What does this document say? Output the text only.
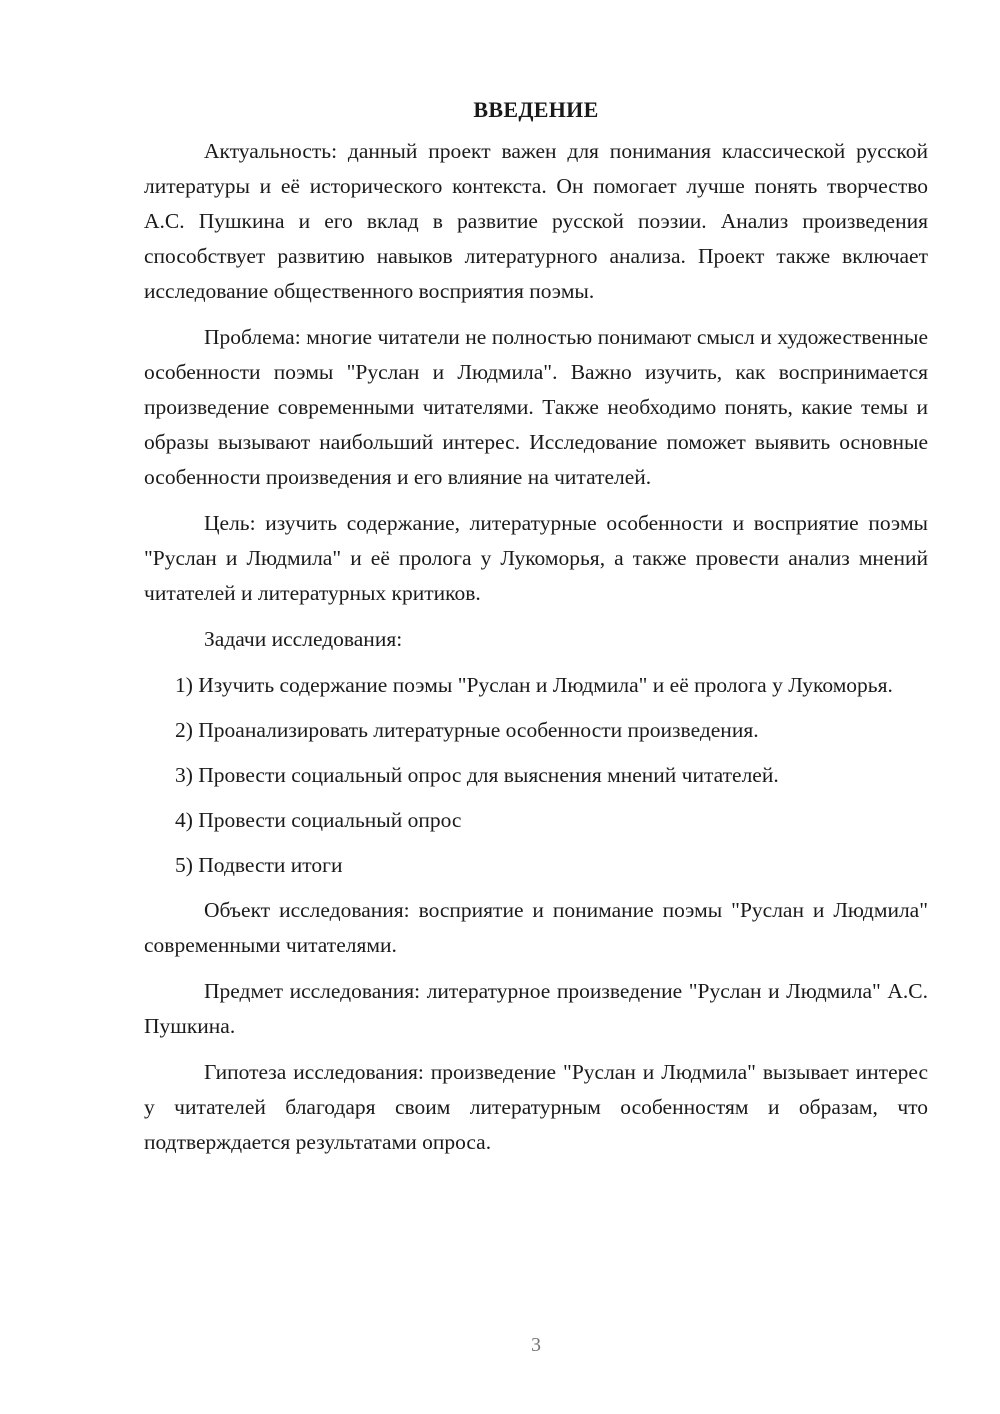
ВВЕДЕНИЕ

Актуальность: данный проект важен для понимания классической русской литературы и её исторического контекста. Он помогает лучше понять творчество А.С. Пушкина и его вклад в развитие русской поэзии. Анализ произведения способствует развитию навыков литературного анализа. Проект также включает исследование общественного восприятия поэмы.

Проблема: многие читатели не полностью понимают смысл и художественные особенности поэмы "Руслан и Людмила". Важно изучить, как воспринимается произведение современными читателями. Также необходимо понять, какие темы и образы вызывают наибольший интерес. Исследование поможет выявить основные особенности произведения и его влияние на читателей.

Цель: изучить содержание, литературные особенности и восприятие поэмы "Руслан и Людмила" и её пролога у Лукоморья, а также провести анализ мнений читателей и литературных критиков.

Задачи исследования:

1) Изучить содержание поэмы "Руслан и Людмила" и её пролога у Лукоморья.

2) Проанализировать литературные особенности произведения.

3) Провести социальный опрос для выяснения мнений читателей.

4) Провести социальный опрос

5) Подвести итоги

Объект исследования: восприятие и понимание поэмы "Руслан и Людмила" современными читателями.

Предмет исследования: литературное произведение "Руслан и Людмила" А.С. Пушкина.

Гипотеза исследования: произведение "Руслан и Людмила" вызывает интерес у читателей благодаря своим литературным особенностям и образам, что подтверждается результатами опроса.

3
